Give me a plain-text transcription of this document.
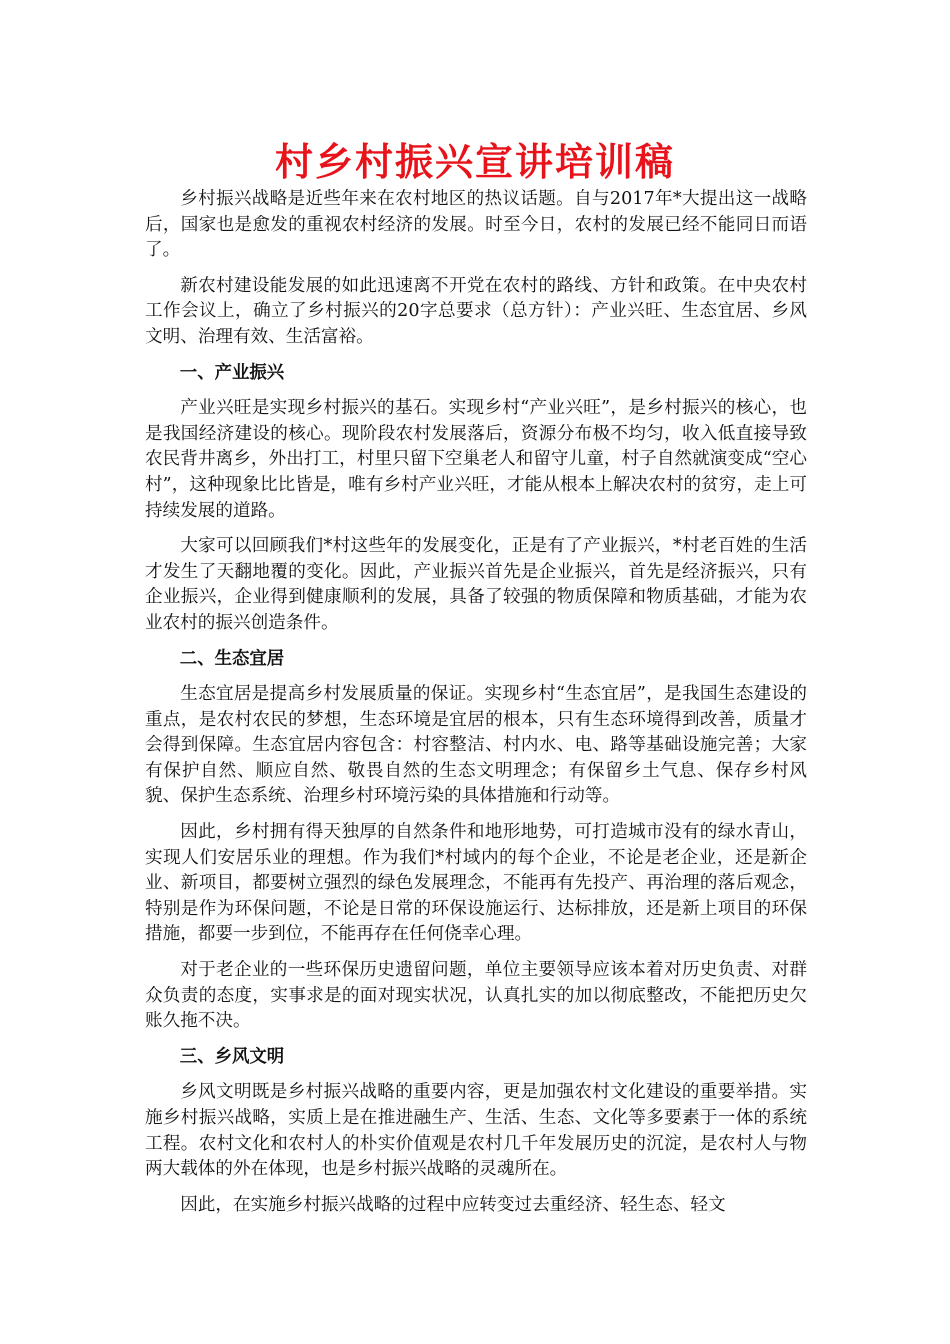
村乡村振兴宣讲培训稿

乡村振兴战略是近些年来在农村地区的热议话题。自与2017年*大提出这一战略后，国家也是愈发的重视农村经济的发展。时至今日，农村的发展已经不能同日而语了。

新农村建设能发展的如此迅速离不开党在农村的路线、方针和政策。在中央农村工作会议上，确立了乡村振兴的20字总要求（总方针）：产业兴旺、生态宜居、乡风文明、治理有效、生活富裕。

一、产业振兴

产业兴旺是实现乡村振兴的基石。实现乡村“产业兴旺”，是乡村振兴的核心，也是我国经济建设的核心。现阶段农村发展落后，资源分布极不均匀，收入低直接导致农民背井离乡，外出打工，村里只留下空巢老人和留守儿童，村子自然就演变成“空心村”，这种现象比比皆是，唯有乡村产业兴旺，才能从根本上解决农村的贫穷，走上可持续发展的道路。

大家可以回顾我们*村这些年的发展变化，正是有了产业振兴，*村老百姓的生活才发生了天翻地覆的变化。因此，产业振兴首先是企业振兴，首先是经济振兴，只有企业振兴，企业得到健康顺利的发展，具备了较强的物质保障和物质基础，才能为农业农村的振兴创造条件。

二、生态宜居

生态宜居是提高乡村发展质量的保证。实现乡村“生态宜居”，是我国生态建设的重点，是农村农民的梦想，生态环境是宜居的根本，只有生态环境得到改善，质量才会得到保障。生态宜居内容包含：村容整洁、村内水、电、路等基础设施完善；大家有保护自然、顺应自然、敬畏自然的生态文明理念；有保留乡土气息、保存乡村风貌、保护生态系统、治理乡村环境污染的具体措施和行动等。

因此，乡村拥有得天独厚的自然条件和地形地势，可打造城市没有的绿水青山，实现人们安居乐业的理想。作为我们*村域内的每个企业，不论是老企业，还是新企业、新项目，都要树立强烈的绿色发展理念，不能再有先投产、再治理的落后观念，特别是作为环保问题，不论是日常的环保设施运行、达标排放，还是新上项目的环保措施，都要一步到位，不能再存在任何侥幸心理。

对于老企业的一些环保历史遗留问题，单位主要领导应该本着对历史负责、对群众负责的态度，实事求是的面对现实状况，认真扎实的加以彻底整改，不能把历史欠账久拖不决。

三、乡风文明

乡风文明既是乡村振兴战略的重要内容，更是加强农村文化建设的重要举措。实施乡村振兴战略，实质上是在推进融生产、生活、生态、文化等多要素于一体的系统工程。农村文化和农村人的朴实价值观是农村几千年发展历史的沉淀，是农村人与物两大载体的外在体现，也是乡村振兴战略的灵魂所在。

因此，在实施乡村振兴战略的过程中应转变过去重经济、轻生态、轻文
